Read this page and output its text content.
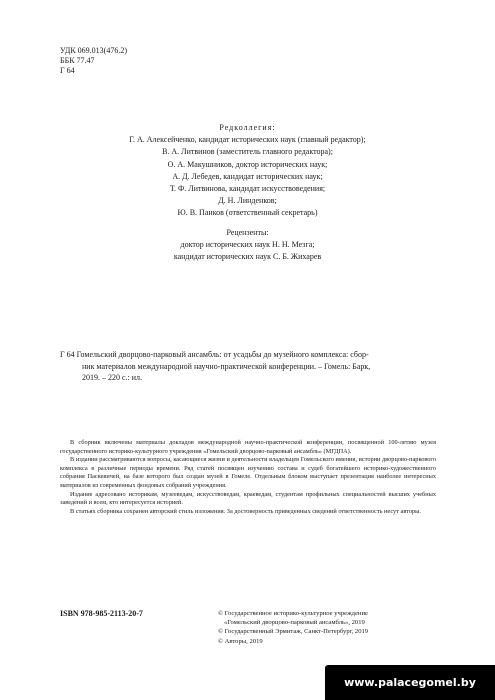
УДК 069.013(476.2)
ББК 77.47
Г 64
Редколлегия:
Г. А. Алексейченко, кандидат исторических наук (главный редактор);
В. А. Литвинов (заместитель главного редактора);
О. А. Макушников, доктор исторических наук;
А. Д. Лебедев, кандидат исторических наук;
Т. Ф. Литвинова, кандидат искусствоведения;
Д. Н. Линденков;
Ю. В. Панков (ответственный секретарь)
Рецензенты:
доктор исторических наук Н. Н. Мезга;
кандидат исторических наук С. Б. Жихарев
Г 64 Гомельский дворцово-парковый ансамбль: от усадьбы до музейного комплекса: сбор-
ник материалов международной научно-практической конференции. – Гомель: Барк,
2019. – 220 с.: ил.

В сборник включены материалы докладов международной научно-практической конференции, посвященной 100-летию музея государственного историко-культурного учреждения «Гомельский дворцово-парковый ансамбль» (МГДПА).

В издании рассматриваются вопросы, касающиеся жизни и деятельности владельцев Гомельского имения, истории дворцово-паркового комплекса в различные периоды времени. Ряд статей посвящен изучению состава и судеб богатейшего историко-художественного собрания Паскевичей, на базе которого был создан музей в Гомеле. Отдельным блоком выступает презентация наиболее интересных материалов из современных фондовых собраний учреждения.

Издание адресовано историкам, музееведам, искусствоведам, краеведам, студентам профильных специальностей высших учебных заведений и всем, кто интересуется историей.

В статьях сборника сохранен авторский стиль изложения. За достоверность приведенных сведений ответственность несут авторы.

ISBN 978-985-2113-20-7	© Государственное историко-культурное учреждение
«Гомельский дворцово-парковый ансамбль», 2019
© Государственный Эрмитаж, Санкт-Петербург, 2019
© Авторы, 2019
www.palacegomel.by
